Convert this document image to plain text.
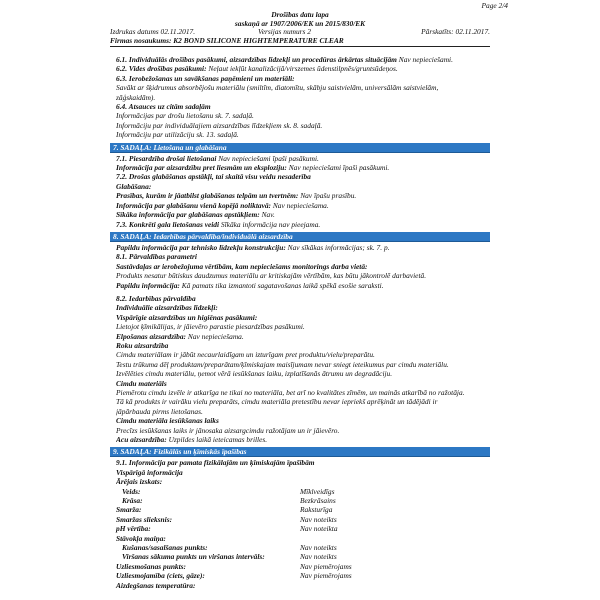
Page 2/4
Drošības datu lapa
saskaņā ar 1907/2006/EK un 2015/830/EK
Izdrukas datums 02.11.2017.	Versijas numurs 2	Pārskatīts: 02.11.2017.
Firmas nosaukums: K2 BOND SILICONE HIGHTEMPERATURE CLEAR
6.1. Individuālās drošības pasākumi, aizsardzības līdzekļi un procedūras ārkārtas situācijām Nav nepieciešami.
6.2. Vides drošības pasākumi: Neļaut iekļūt kanalizācijā/virszemes ūdenstilpnēs/gruntsūdeņos.
6.3. Ierobežošanas un savākšanas paņēmieni un materiāli:
Savākt ar šķidrumus absorbējošu materiālu (smiltīm, diatomītu, skābju saistvielām, universālām saistvielām,
zāģskaidām).
6.4. Atsauces uz citām sadaļām
Informācijas par drošu lietošanu sk. 7. sadaļā.
Informāciju par individuālajiem aizsardzības līdzekļiem sk. 8. sadaļā.
Informāciju par utilizāciju sk. 13. sadaļā.
7. SADAĻA: Lietošana un glabāšana
7.1. Piesardzība drošai lietošanai Nav nepieciešami īpaši pasākumi.
Informācija par aizsardzību pret liesmām un eksploziju: Nav nepieciešami īpaši pasākumi.
7.2. Drošas glabāšanas apstākļi, tai skaitā visu veidu nesaderība
Glabāšana:
Prasības, kurām ir jāatbilst glabāšanas telpām un tvertnēm: Nav īpašu prasību.
Informācija par glabāšanu vienā kopējā noliktavā: Nav nepieciešama.
Sīkāka informācija par glabāšanas apstākļiem: Nav.
7.3. Konkrēti gala lietošanas veidi Sīkāka informācija nav pieejama.
8. SADAĻA: Iedarbības pārvaldība/individuālā aizsardzība
Papildu informācija par tehnisko līdzekļu konstrukciju: Nav sīkākas informācijas; sk. 7. p.
8.1. Pārvaldības parametri
Sastāvdaļas ar ierobežojuma vērtībām, kam nepieciešams monitorings darba vietā:
Produkts nesatur būtiskus daudzumus materiālu ar kritiskajām vērtībām, kas būtu jākontrolē darbavietā.
Papildu informācija: Kā pamats tika izmantoti sagatavošanas laikā spēkā esošie saraksti.
8.2. Iedarbības pārvaldība
Individuālie aizsardzības līdzekļi:
Vispārīgie aizsardzības un higiēnas pasākumi:
Lietojot ķīmikālijas, ir jāievēro parastie piesardzības pasākumi.
Elpošanas aizsardzība: Nav nepieciešama.
Roku aizsardzība
Cimdu materiālam ir jābūt necaurlaidīgam un izturīgam pret produktu/vielu/preparātu.
Testu trūkuma dēļ produktam/preparātam/ķīmiskajam maisījumam nevar sniegt ieteikumus par cimdu materiālu.
Izvēlēties cimdu materiālu, ņemot vērā iesūkšanas laiku, izplatīšanās ātrumu un degradāciju.
Cimdu materiāls
Piemērotu cimdu izvēle ir atkarīga ne tikai no materiāla, bet arī no kvalitātes zīmēm, un mainās atkarībā no ražotāja.
Tā kā produkts ir vairāku vielu preparāts, cimdu materiāla pretestību nevar iepriekš aprēķināt un tādējādi ir
jāpārbauda pirms lietošanas.
Cimdu materiāla iesūkšanas laiks
Precīzs iesūkšanas laiks ir jānosaka aizsargcimdu ražotājam un ir jāievēro.
Acu aizsardzība: Uzpildes laikā ieteicamas brilles.
9. SADAĻA: Fizikālās un ķīmiskās īpašības
9.1. Informācija par pamata fizikālajām un ķīmiskajām īpašībām
Vispārīgā informācija
Ārējais izskats:
Veids:	Mīklveidīgs
Krāsa:	Bezkrāsains
Smarža:	Raksturīga
Smaržas slieksnis:	Nav noteikts
pH vērtība:	Nav noteikta
Stāvokļa maiņa:
Kušanas/sasalšanas punkts:	Nav noteikts
Viršanas sākuma punkts un viršanas intervāls:	Nav noteikts
Uzliesmošanas punkts:	Nav piemērojams
Uzliesmojamība (ciets, gāze):	Nav piemērojams
Aizdegšanas temperatūra:
